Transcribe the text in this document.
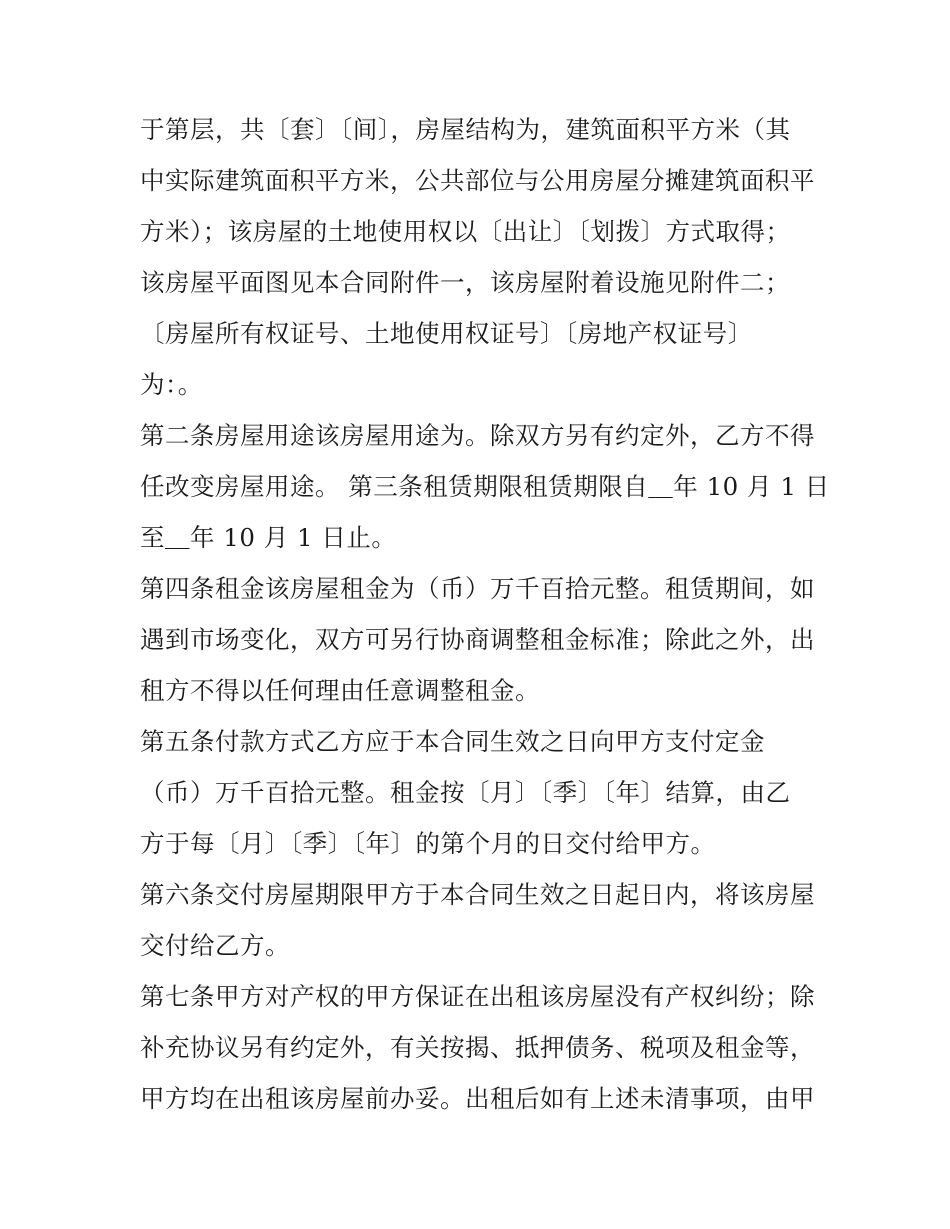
于第层，共〔套〕〔间〕，房屋结构为，建筑面积平方米（其
中实际建筑面积平方米，公共部位与公用房屋分摊建筑面积平
方米）；该房屋的土地使用权以〔出让〕〔划拨〕方式取得；
该房屋平面图见本合同附件一，该房屋附着设施见附件二；
〔房屋所有权证号、土地使用权证号〕〔房地产权证号〕
为：。
第二条房屋用途该房屋用途为。除双方另有约定外，乙方不得
任改变房屋用途。 第三条租赁期限租赁期限自＿年 10 月 1 日
至＿年 10 月 1 日止。
第四条租金该房屋租金为（币）万千百拾元整。租赁期间，如
遇到市场变化，双方可另行协商调整租金标准；除此之外，出
租方不得以任何理由任意调整租金。
第五条付款方式乙方应于本合同生效之日向甲方支付定金
（币）万千百拾元整。租金按〔月〕〔季〕〔年〕结算，由乙
方于每〔月〕〔季〕〔年〕的第个月的日交付给甲方。
第六条交付房屋期限甲方于本合同生效之日起日内，将该房屋
交付给乙方。
第七条甲方对产权的甲方保证在出租该房屋没有产权纠纷；除
补充协议另有约定外，有关按揭、抵押债务、税项及租金等，
甲方均在出租该房屋前办妥。出租后如有上述未清事项，由甲
